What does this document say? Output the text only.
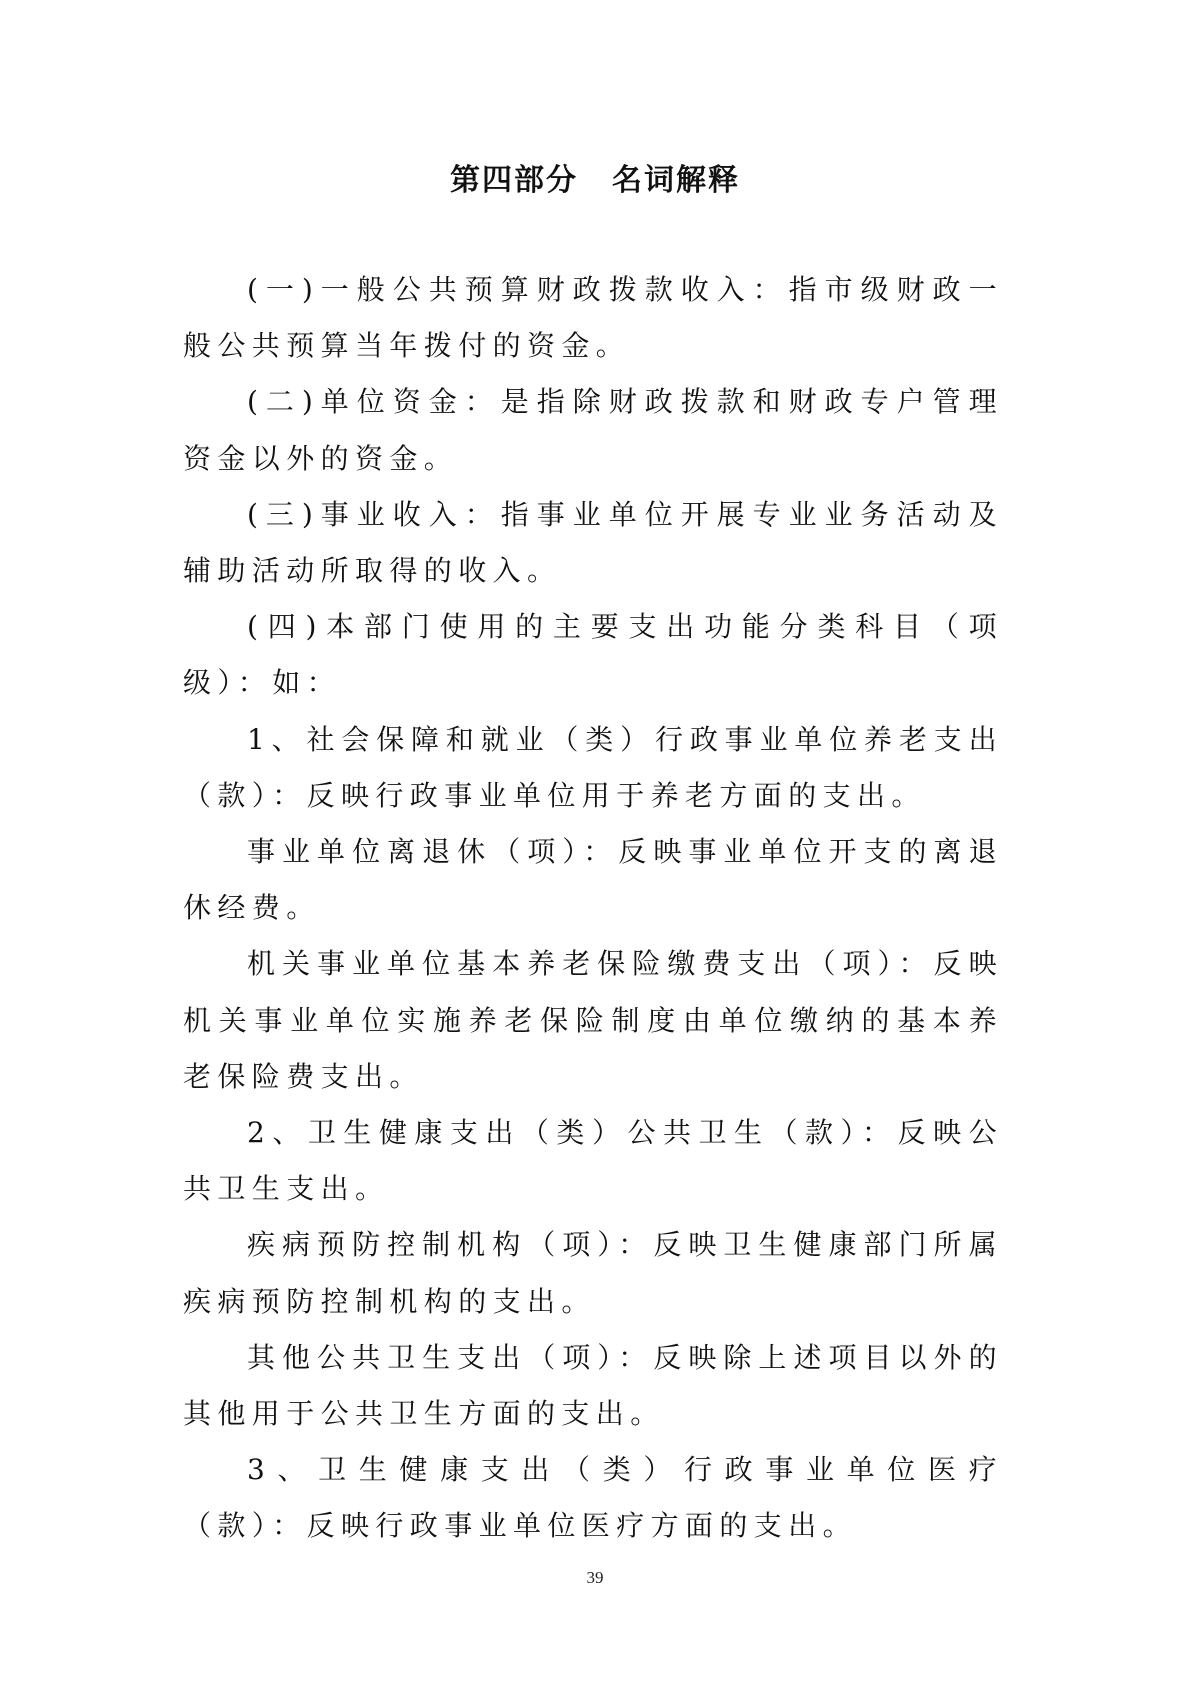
第四部分 名词解释

(一)一般公共预算财政拨款收入：指市级财政一般公共预算当年拨付的资金。

(二)单位资金：是指除财政拨款和财政专户管理资金以外的资金。

(三)事业收入：指事业单位开展专业业务活动及辅助活动所取得的收入。

(四)本部门使用的主要支出功能分类科目（项级）：如：

1、社会保障和就业（类）行政事业单位养老支出（款）：反映行政事业单位用于养老方面的支出。

事业单位离退休（项）：反映事业单位开支的离退休经费。

机关事业单位基本养老保险缴费支出（项）：反映机关事业单位实施养老保险制度由单位缴纳的基本养老保险费支出。

2、卫生健康支出（类）公共卫生（款）：反映公共卫生支出。

疾病预防控制机构（项）：反映卫生健康部门所属疾病预防控制机构的支出。

其他公共卫生支出（项）：反映除上述项目以外的其他用于公共卫生方面的支出。

3、卫生健康支出（类）行政事业单位医疗（款）：反映行政事业单位医疗方面的支出。

39
